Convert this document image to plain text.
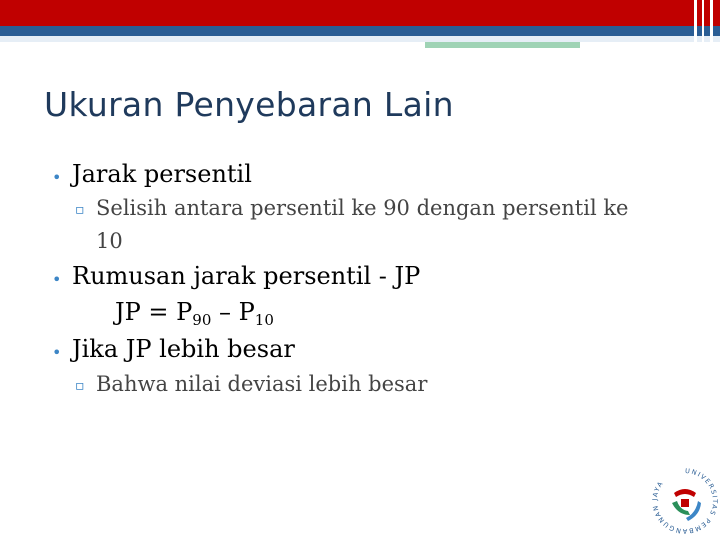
Ukuran Penyebaran Lain
• Jarak persentil
▫ Selisih antara persentil ke 90 dengan persentil ke
10
• Rumusan jarak persentil - JP
JP = $P_{90} - P_{10}$
• Jika JP lebih besar
▫ Bahwa nilai deviasi lebih besar
UNIVERSITAS PEMBANGUNAN JAYA
